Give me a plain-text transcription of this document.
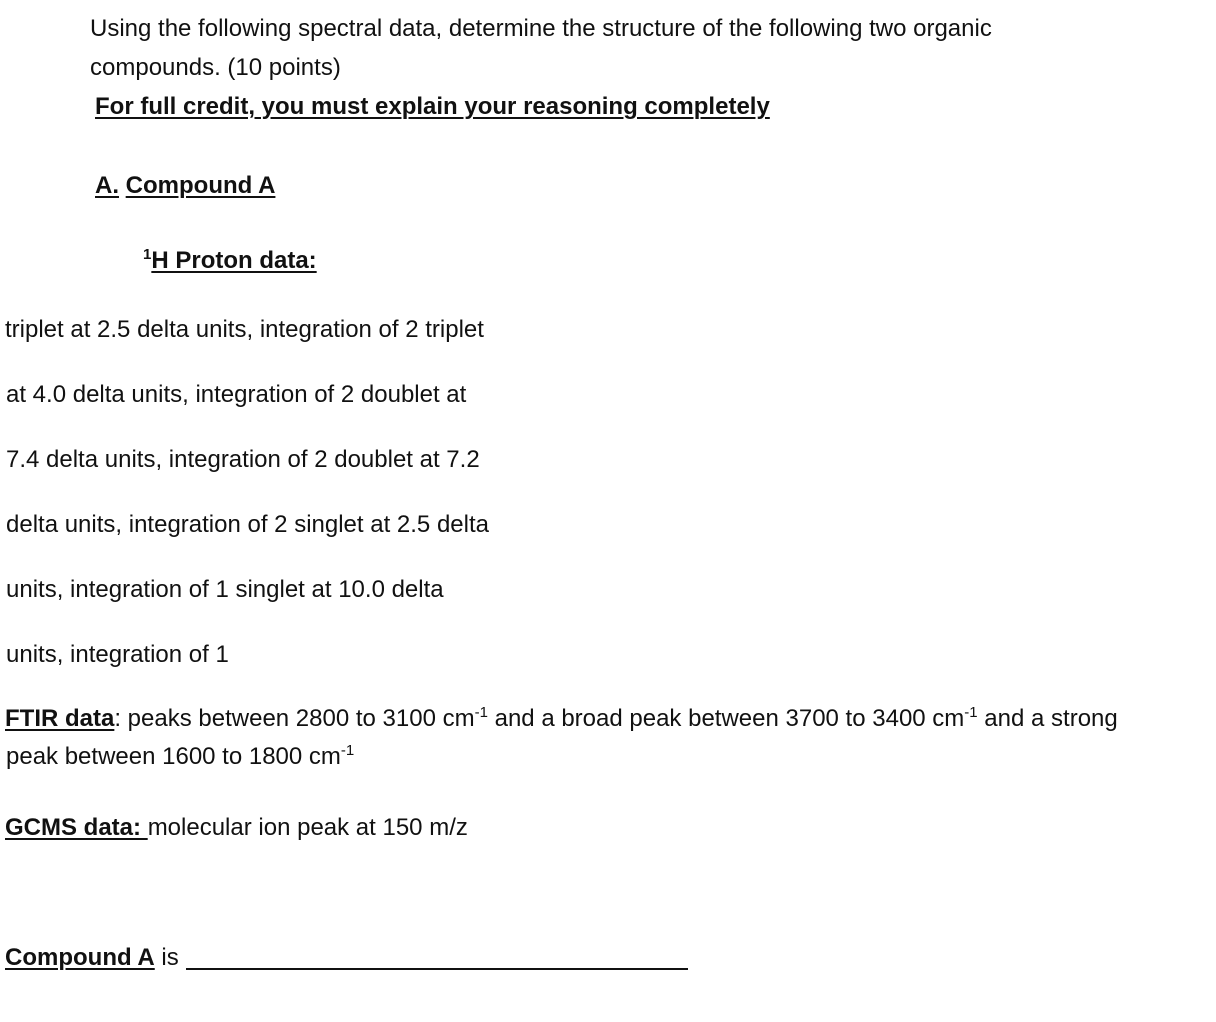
Using the following spectral data, determine the structure of the following two organic
compounds. (10 points)
For full credit, you must explain your reasoning completely
A. Compound A
$^1$H Proton data:
triplet at 2.5 delta units, integration of 2 triplet
at 4.0 delta units, integration of 2 doublet at
7.4 delta units, integration of 2 doublet at 7.2
delta units, integration of 2 singlet at 2.5 delta
units, integration of 1 singlet at 10.0 delta
units, integration of 1
FTIR data: peaks between 2800 to 3100 $cm^{-1}$ and a broad peak between 3700 to 3400 $cm^{-1}$ and a strong
peak between 1600 to 1800 $cm^{-1}$
GCMS data: molecular ion peak at 150 m/z
Compound A is
